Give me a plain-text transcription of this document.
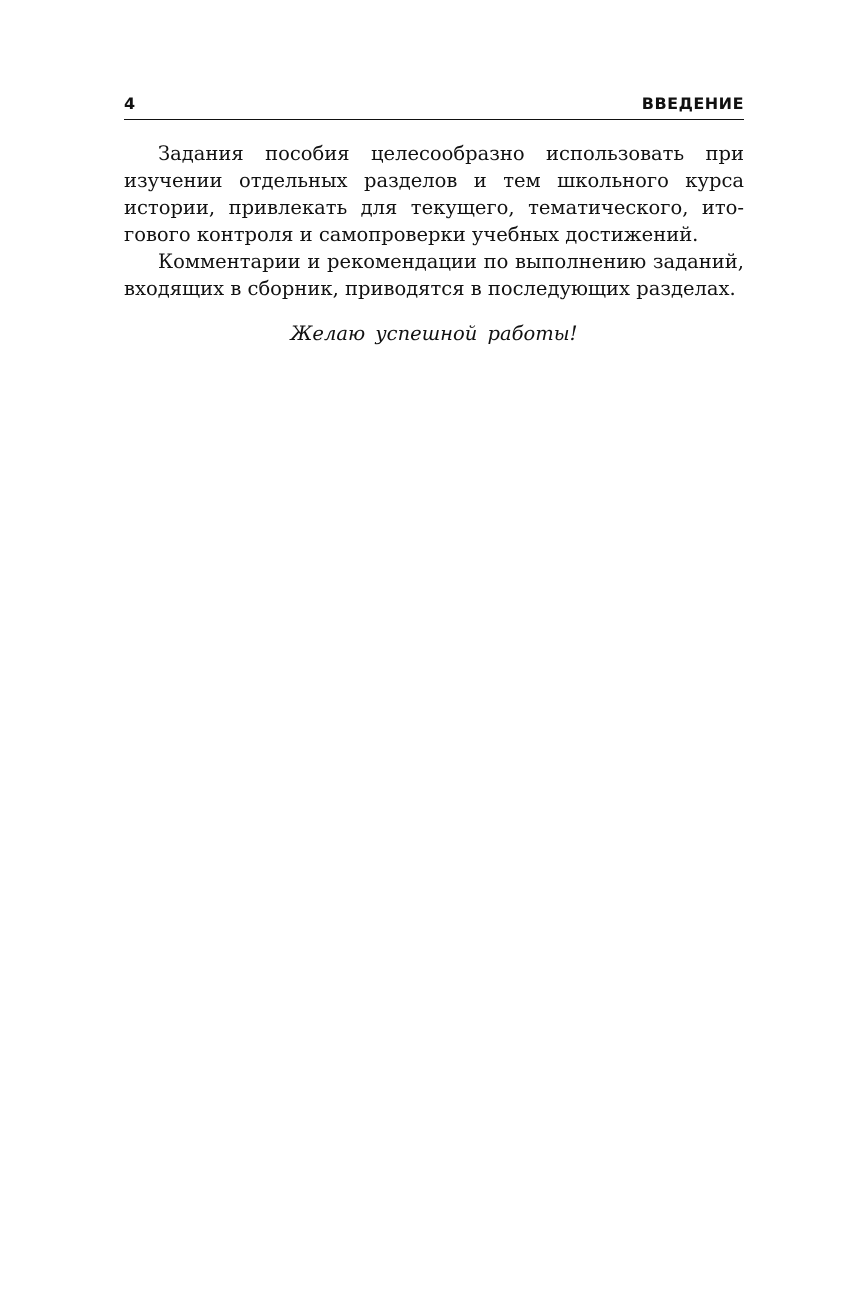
4	ВВЕДЕНИЕ

Задания пособия целесообразно использовать при изучении отдельных разделов и тем школьного курса истории, привлекать для текущего, тематического, итогового контроля и самопроверки учебных достижений.

Комментарии и рекомендации по выполнению заданий, входящих в сборник, приводятся в последующих разделах.

Желаю успешной работы!
